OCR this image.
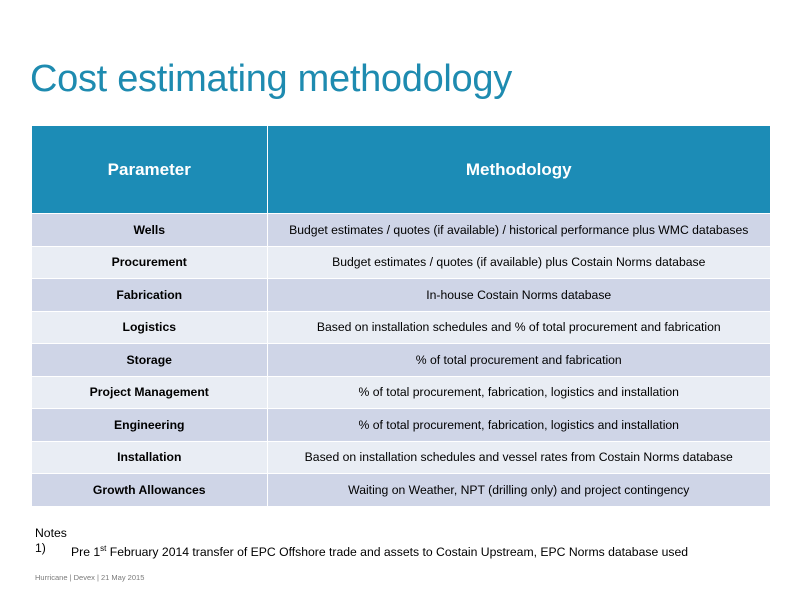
Cost estimating methodology
Parameter	Methodology
Wells	Budget estimates / quotes (if available) / historical performance plus WMC databases
Procurement	Budget estimates / quotes (if available) plus Costain Norms database
Fabrication	In-house Costain Norms database
Logistics	Based on installation schedules and % of total procurement and fabrication
Storage	% of total procurement and fabrication
Project Management	% of total procurement, fabrication, logistics and installation
Engineering	% of total procurement, fabrication, logistics and installation
Installation	Based on installation schedules and vessel rates from Costain Norms database
Growth Allowances	Waiting on Weather, NPT (drilling only) and project contingency
Notes
1)	Pre 1st February 2014 transfer of EPC Offshore trade and assets to Costain Upstream, EPC Norms database used
Hurricane | Devex | 21 May 2015
